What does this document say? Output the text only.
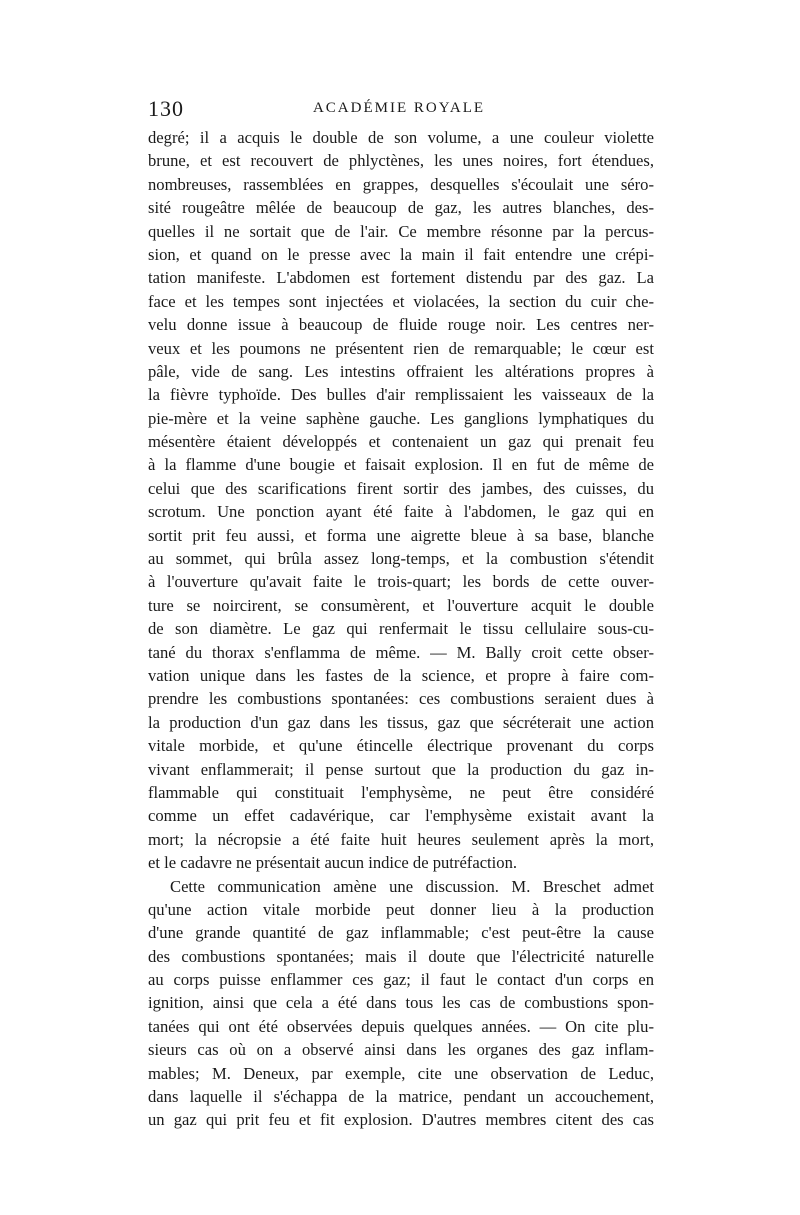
130	ACADÉMIE ROYALE
degré; il a acquis le double de son volume, a une couleur violette
brune, et est recouvert de phlyctènes, les unes noires, fort étendues,
nombreuses, rassemblées en grappes, desquelles s'écoulait une séro-
sité rougeâtre mêlée de beaucoup de gaz, les autres blanches, des-
quelles il ne sortait que de l'air. Ce membre résonne par la percus-
sion, et quand on le presse avec la main il fait entendre une crépi-
tation manifeste. L'abdomen est fortement distendu par des gaz. La
face et les tempes sont injectées et violacées, la section du cuir che-
velu donne issue à beaucoup de fluide rouge noir. Les centres ner-
veux et les poumons ne présentent rien de remarquable; le cœur est
pâle, vide de sang. Les intestins offraient les altérations propres à
la fièvre typhoïde. Des bulles d'air remplissaient les vaisseaux de la
pie-mère et la veine saphène gauche. Les ganglions lymphatiques du
mésentère étaient développés et contenaient un gaz qui prenait feu
à la flamme d'une bougie et faisait explosion. Il en fut de même de
celui que des scarifications firent sortir des jambes, des cuisses, du
scrotum. Une ponction ayant été faite à l'abdomen, le gaz qui en
sortit prit feu aussi, et forma une aigrette bleue à sa base, blanche
au sommet, qui brûla assez long-temps, et la combustion s'étendit
à l'ouverture qu'avait faite le trois-quart; les bords de cette ouver-
ture se noircirent, se consumèrent, et l'ouverture acquit le double
de son diamètre. Le gaz qui renfermait le tissu cellulaire sous-cu-
tané du thorax s'enflamma de même. — M. Bally croit cette obser-
vation unique dans les fastes de la science, et propre à faire com-
prendre les combustions spontanées: ces combustions seraient dues à
la production d'un gaz dans les tissus, gaz que sécréterait une action
vitale morbide, et qu'une étincelle électrique provenant du corps
vivant enflammerait; il pense surtout que la production du gaz in-
flammable qui constituait l'emphysème, ne peut être considéré
comme un effet cadavérique, car l'emphysème existait avant la
mort; la nécropsie a été faite huit heures seulement après la mort,
et le cadavre ne présentait aucun indice de putréfaction.
Cette communication amène une discussion. M. Breschet admet
qu'une action vitale morbide peut donner lieu à la production
d'une grande quantité de gaz inflammable; c'est peut-être la cause
des combustions spontanées; mais il doute que l'électricité naturelle
au corps puisse enflammer ces gaz; il faut le contact d'un corps en
ignition, ainsi que cela a été dans tous les cas de combustions spon-
tanées qui ont été observées depuis quelques années. — On cite plu-
sieurs cas où on a observé ainsi dans les organes des gaz inflam-
mables; M. Deneux, par exemple, cite une observation de Leduc,
dans laquelle il s'échappa de la matrice, pendant un accouchement,
un gaz qui prit feu et fit explosion. D'autres membres citent des cas
